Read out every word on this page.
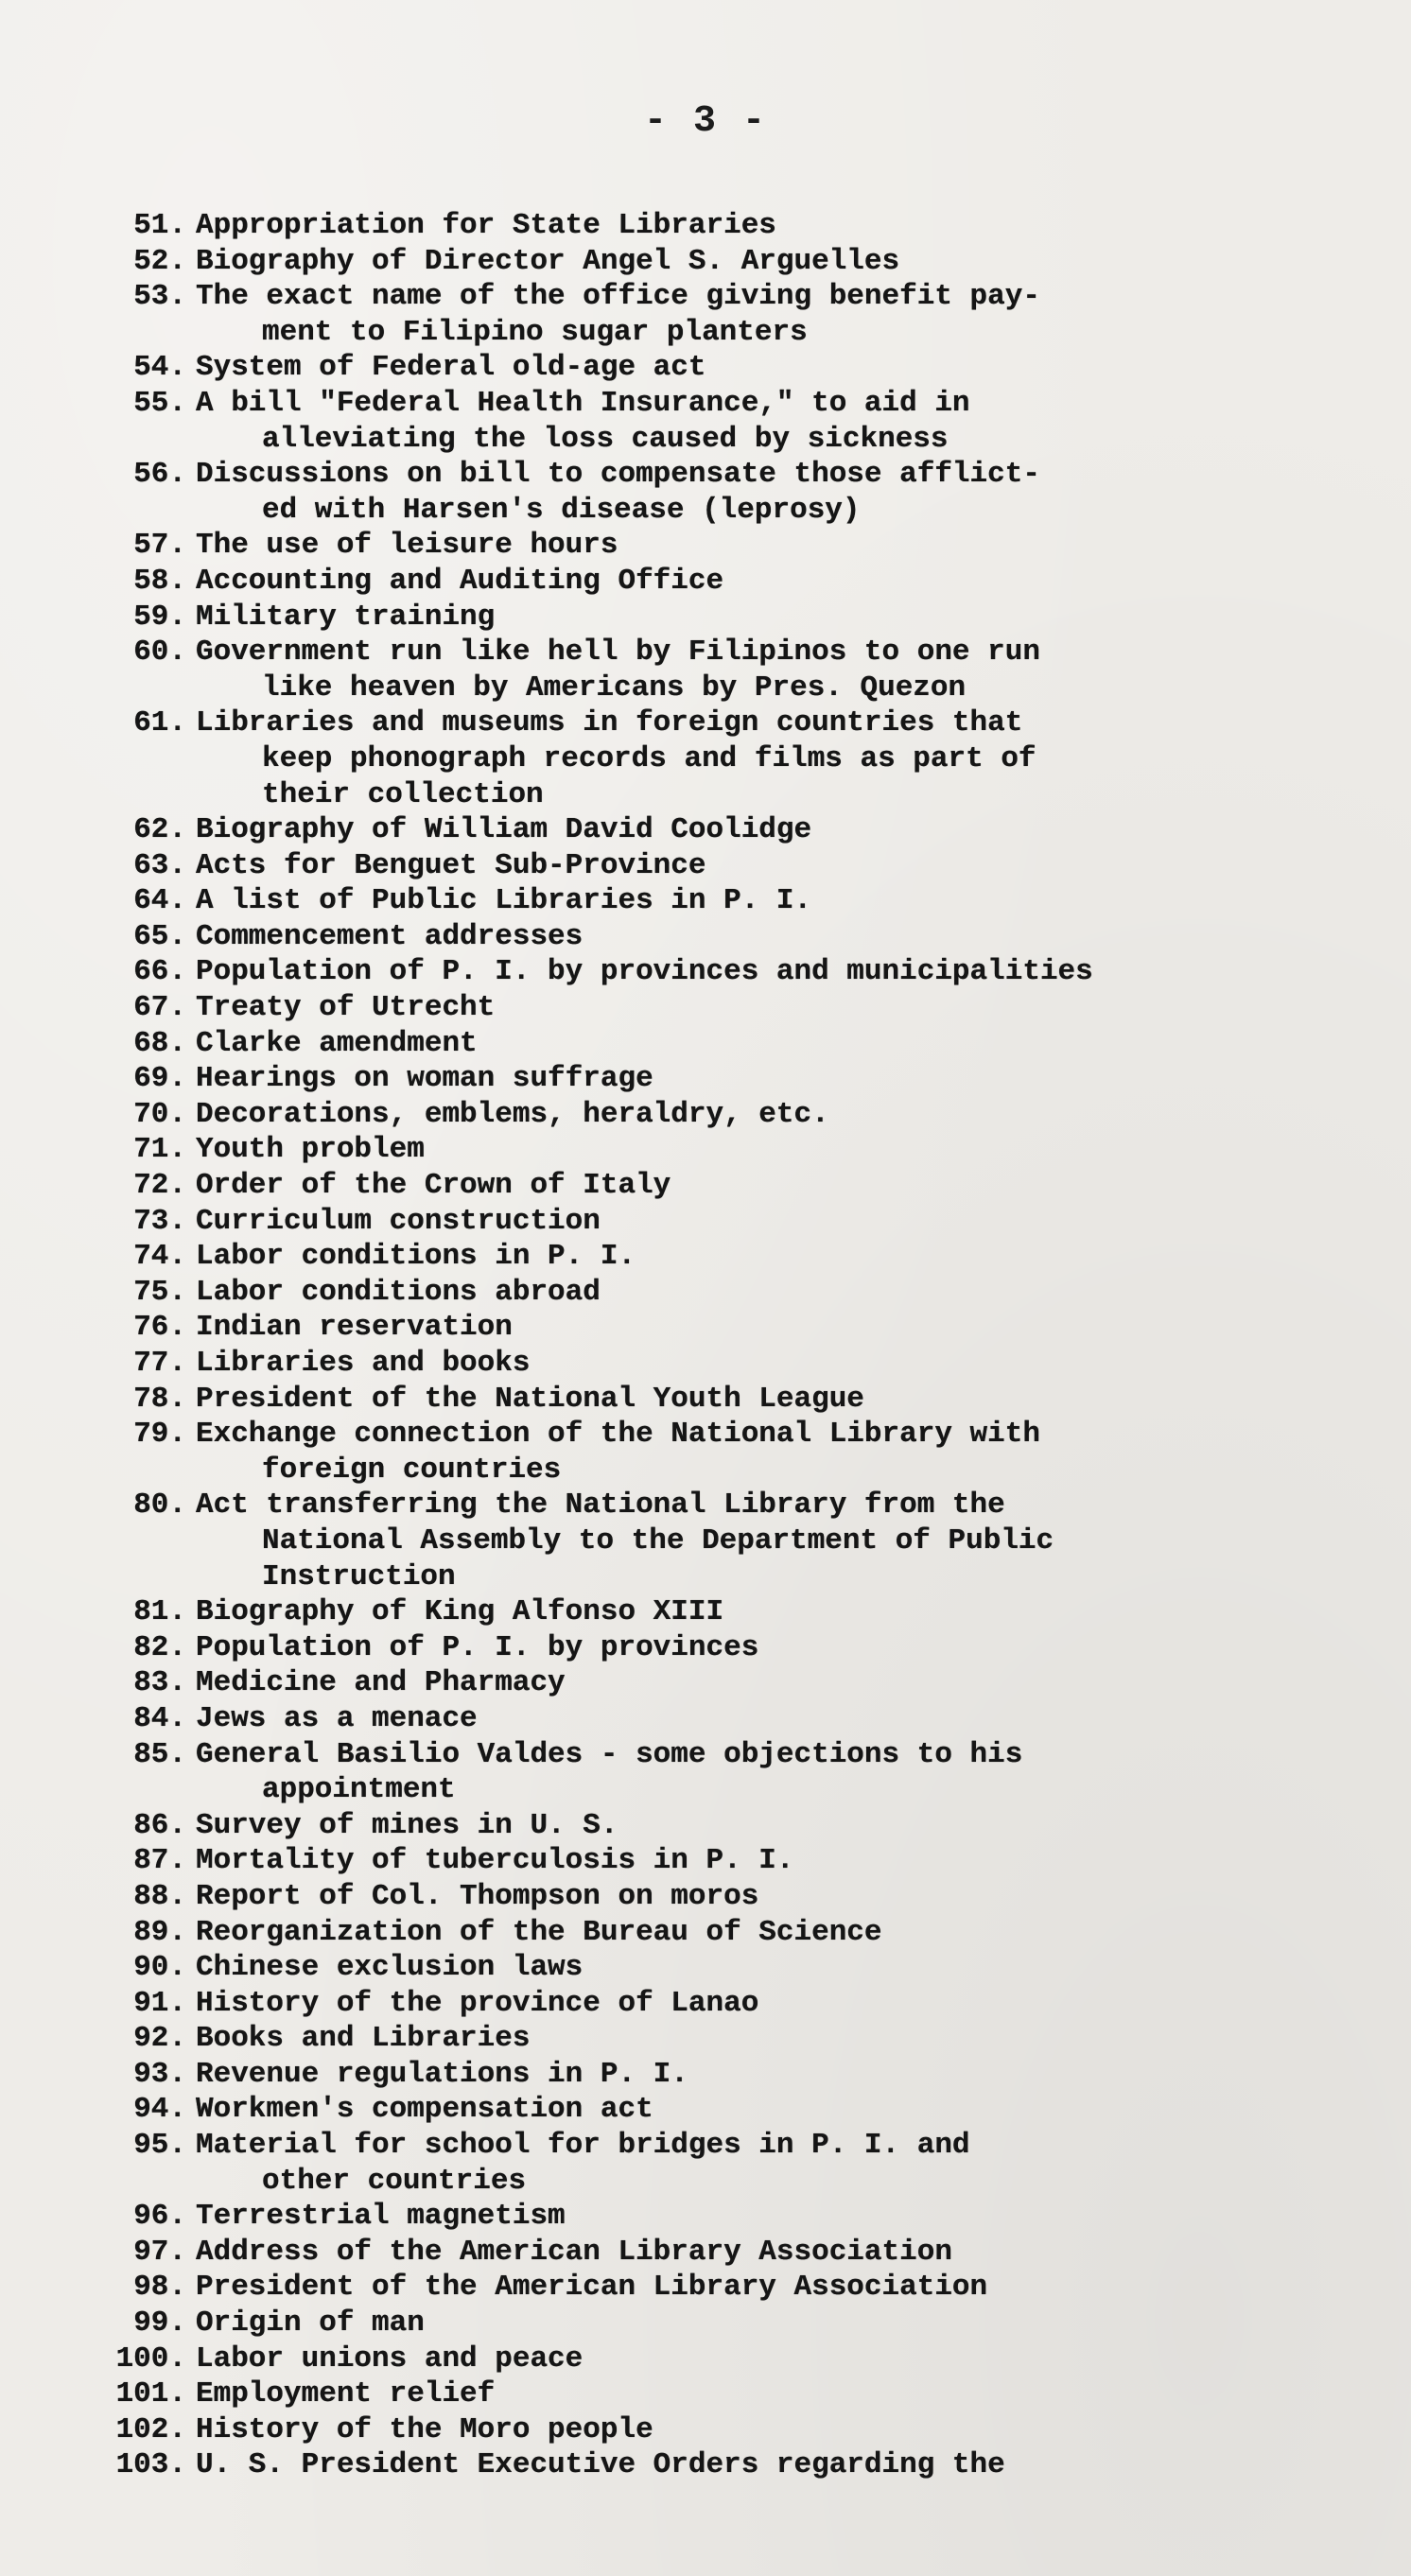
- 3 -
51. Appropriation for State Libraries
52. Biography of Director Angel S. Arguelles
53. The exact name of the office giving benefit pay-
ment to Filipino sugar planters
54. System of Federal old-age act
55. A bill "Federal Health Insurance," to aid in
alleviating the loss caused by sickness
56. Discussions on bill to compensate those afflict-
ed with Harsen's disease (leprosy)
57. The use of leisure hours
58. Accounting and Auditing Office
59. Military training
60. Government run like hell by Filipinos to one run
like heaven by Americans by Pres. Quezon
61. Libraries and museums in foreign countries that
keep phonograph records and films as part of
their collection
62. Biography of William David Coolidge
63. Acts for Benguet Sub-Province
64. A list of Public Libraries in P. I.
65. Commencement addresses
66. Population of P. I. by provinces and municipalities
67. Treaty of Utrecht
68. Clarke amendment
69. Hearings on woman suffrage
70. Decorations, emblems, heraldry, etc.
71. Youth problem
72. Order of the Crown of Italy
73. Curriculum construction
74. Labor conditions in P. I.
75. Labor conditions abroad
76. Indian reservation
77. Libraries and books
78. President of the National Youth League
79. Exchange connection of the National Library with
foreign countries
80. Act transferring the National Library from the
National Assembly to the Department of Public
Instruction
81. Biography of King Alfonso XIII
82. Population of P. I. by provinces
83. Medicine and Pharmacy
84. Jews as a menace
85. General Basilio Valdes - some objections to his
appointment
86. Survey of mines in U. S.
87. Mortality of tuberculosis in P. I.
88. Report of Col. Thompson on moros
89. Reorganization of the Bureau of Science
90. Chinese exclusion laws
91. History of the province of Lanao
92. Books and Libraries
93. Revenue regulations in P. I.
94. Workmen's compensation act
95. Material for school for bridges in P. I. and
other countries
96. Terrestrial magnetism
97. Address of the American Library Association
98. President of the American Library Association
99. Origin of man
100. Labor unions and peace
101. Employment relief
102. History of the Moro people
103. U. S. President Executive Orders regarding the
